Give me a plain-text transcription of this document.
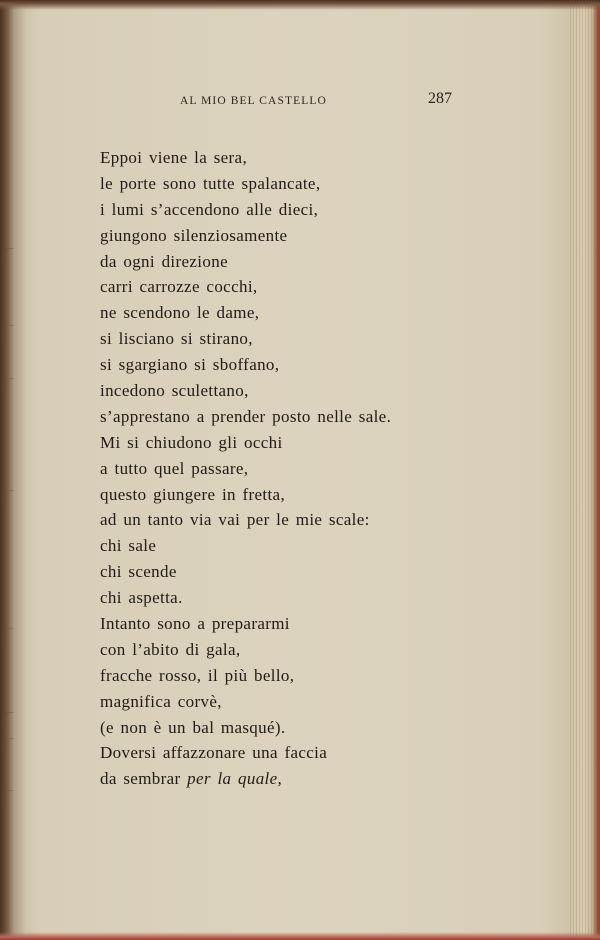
AL MIO BEL CASTELLO	287
Eppoi viene la sera,
le porte sono tutte spalancate,
i lumi s’accendono alle dieci,
giungono silenziosamente
da ogni direzione
carri carrozze cocchi,
ne scendono le dame,
si lisciano si stirano,
si sgargiano si sboffano,
incedono sculettano,
s’apprestano a prender posto nelle sale.
Mi si chiudono gli occhi
a tutto quel passare,
questo giungere in fretta,
ad un tanto via vai per le mie scale:
chi sale
chi scende
chi aspetta.
Intanto sono a prepararmi
con l’abito di gala,
fracche rosso, il più bello,
magnifica corvè,
(e non è un bal masqué).
Doversi affazzonare una faccia
da sembrar per la quale,
